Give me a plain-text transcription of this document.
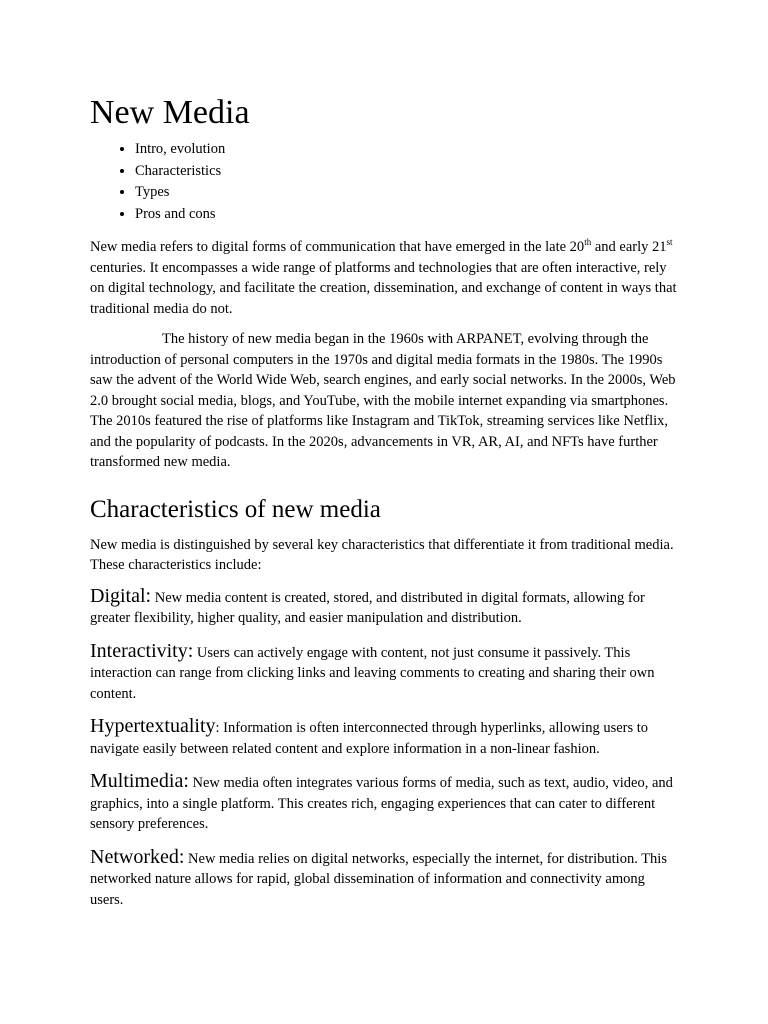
New Media
• Intro, evolution
• Characteristics
• Types
• Pros and cons

New media refers to digital forms of communication that have emerged in the late 20th and early 21st centuries. It encompasses a wide range of platforms and technologies that are often interactive, rely on digital technology, and facilitate the creation, dissemination, and exchange of content in ways that traditional media do not.

The history of new media began in the 1960s with ARPANET, evolving through the introduction of personal computers in the 1970s and digital media formats in the 1980s. The 1990s saw the advent of the World Wide Web, search engines, and early social networks. In the 2000s, Web 2.0 brought social media, blogs, and YouTube, with the mobile internet expanding via smartphones. The 2010s featured the rise of platforms like Instagram and TikTok, streaming services like Netflix, and the popularity of podcasts. In the 2020s, advancements in VR, AR, AI, and NFTs have further transformed new media.

Characteristics of new media

New media is distinguished by several key characteristics that differentiate it from traditional media. These characteristics include:

Digital: New media content is created, stored, and distributed in digital formats, allowing for greater flexibility, higher quality, and easier manipulation and distribution.

Interactivity: Users can actively engage with content, not just consume it passively. This interaction can range from clicking links and leaving comments to creating and sharing their own content.

Hypertextuality: Information is often interconnected through hyperlinks, allowing users to navigate easily between related content and explore information in a non-linear fashion.

Multimedia: New media often integrates various forms of media, such as text, audio, video, and graphics, into a single platform. This creates rich, engaging experiences that can cater to different sensory preferences.

Networked: New media relies on digital networks, especially the internet, for distribution. This networked nature allows for rapid, global dissemination of information and connectivity among users.
